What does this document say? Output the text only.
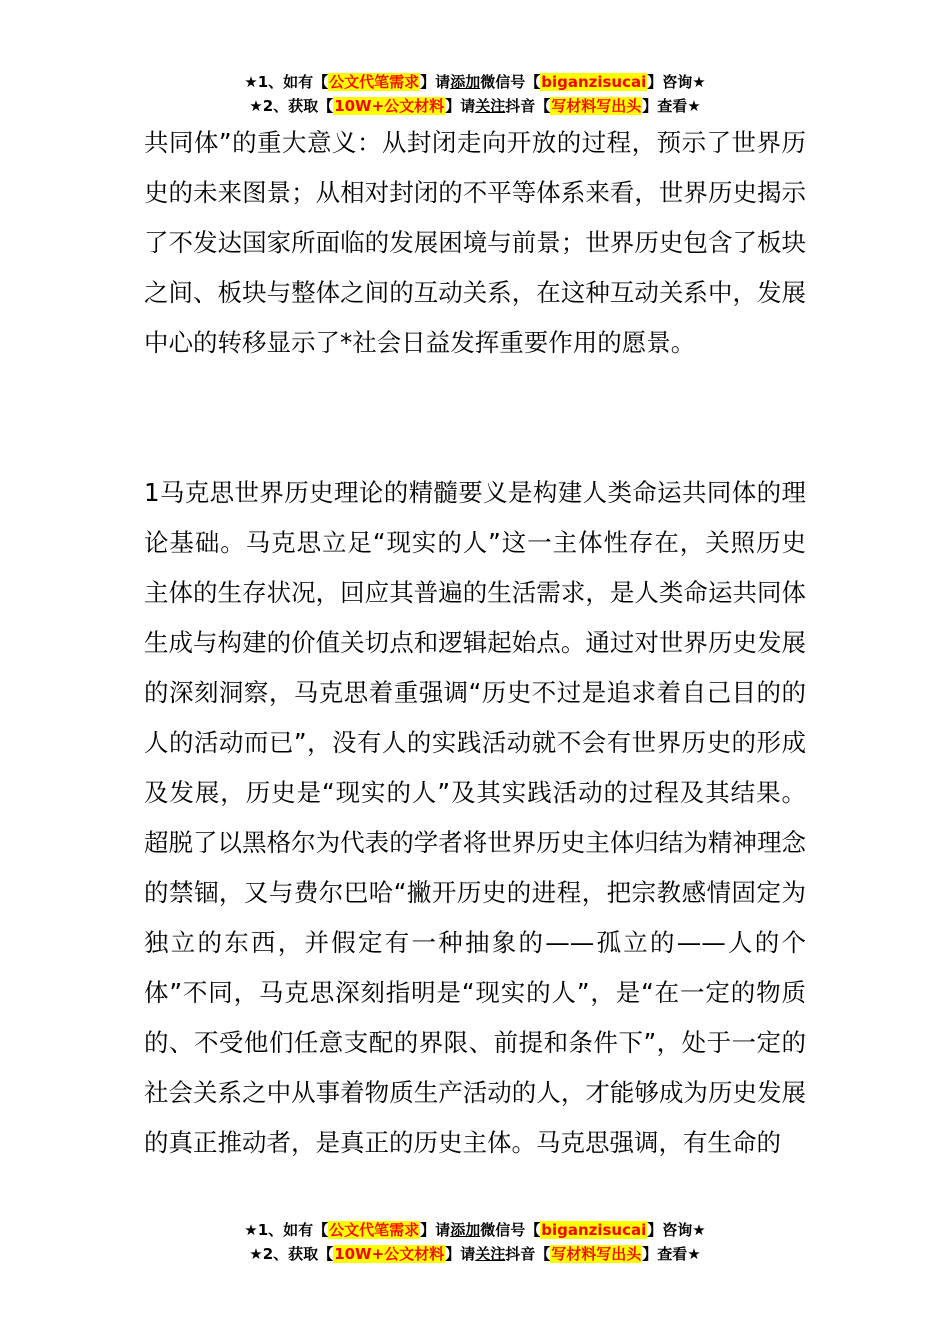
★1、如有【公文代笔需求】请添加微信号【biganzisucai】咨询★
★2、获取【10W+公文材料】请关注抖音【写材料写出头】查看★
共同体”的重大意义：从封闭走向开放的过程，预示了世界历史的未来图景；从相对封闭的不平等体系来看，世界历史揭示了不发达国家所面临的发展困境与前景；世界历史包含了板块之间、板块与整体之间的互动关系，在这种互动关系中，发展中心的转移显示了*社会日益发挥重要作用的愿景。
1马克思世界历史理论的精髓要义是构建人类命运共同体的理论基础。马克思立足“现实的人”这一主体性存在，关照历史主体的生存状况，回应其普遍的生活需求，是人类命运共同体生成与构建的价值关切点和逻辑起始点。通过对世界历史发展的深刻洞察，马克思着重强调“历史不过是追求着自己目的的人的活动而已”，没有人的实践活动就不会有世界历史的形成及发展，历史是“现实的人”及其实践活动的过程及其结果。超脱了以黑格尔为代表的学者将世界历史主体归结为精神理念的禁锢，又与费尔巴哈“撇开历史的进程，把宗教感情固定为独立的东西，并假定有一种抽象的——孤立的——人的个体”不同，马克思深刻指明是“现实的人”，是“在一定的物质的、不受他们任意支配的界限、前提和条件下”，处于一定的社会关系之中从事着物质生产活动的人，才能够成为历史发展的真正推动者，是真正的历史主体。马克思强调，有生命的
★1、如有【公文代笔需求】请添加微信号【biganzisucai】咨询★
★2、获取【10W+公文材料】请关注抖音【写材料写出头】查看★
